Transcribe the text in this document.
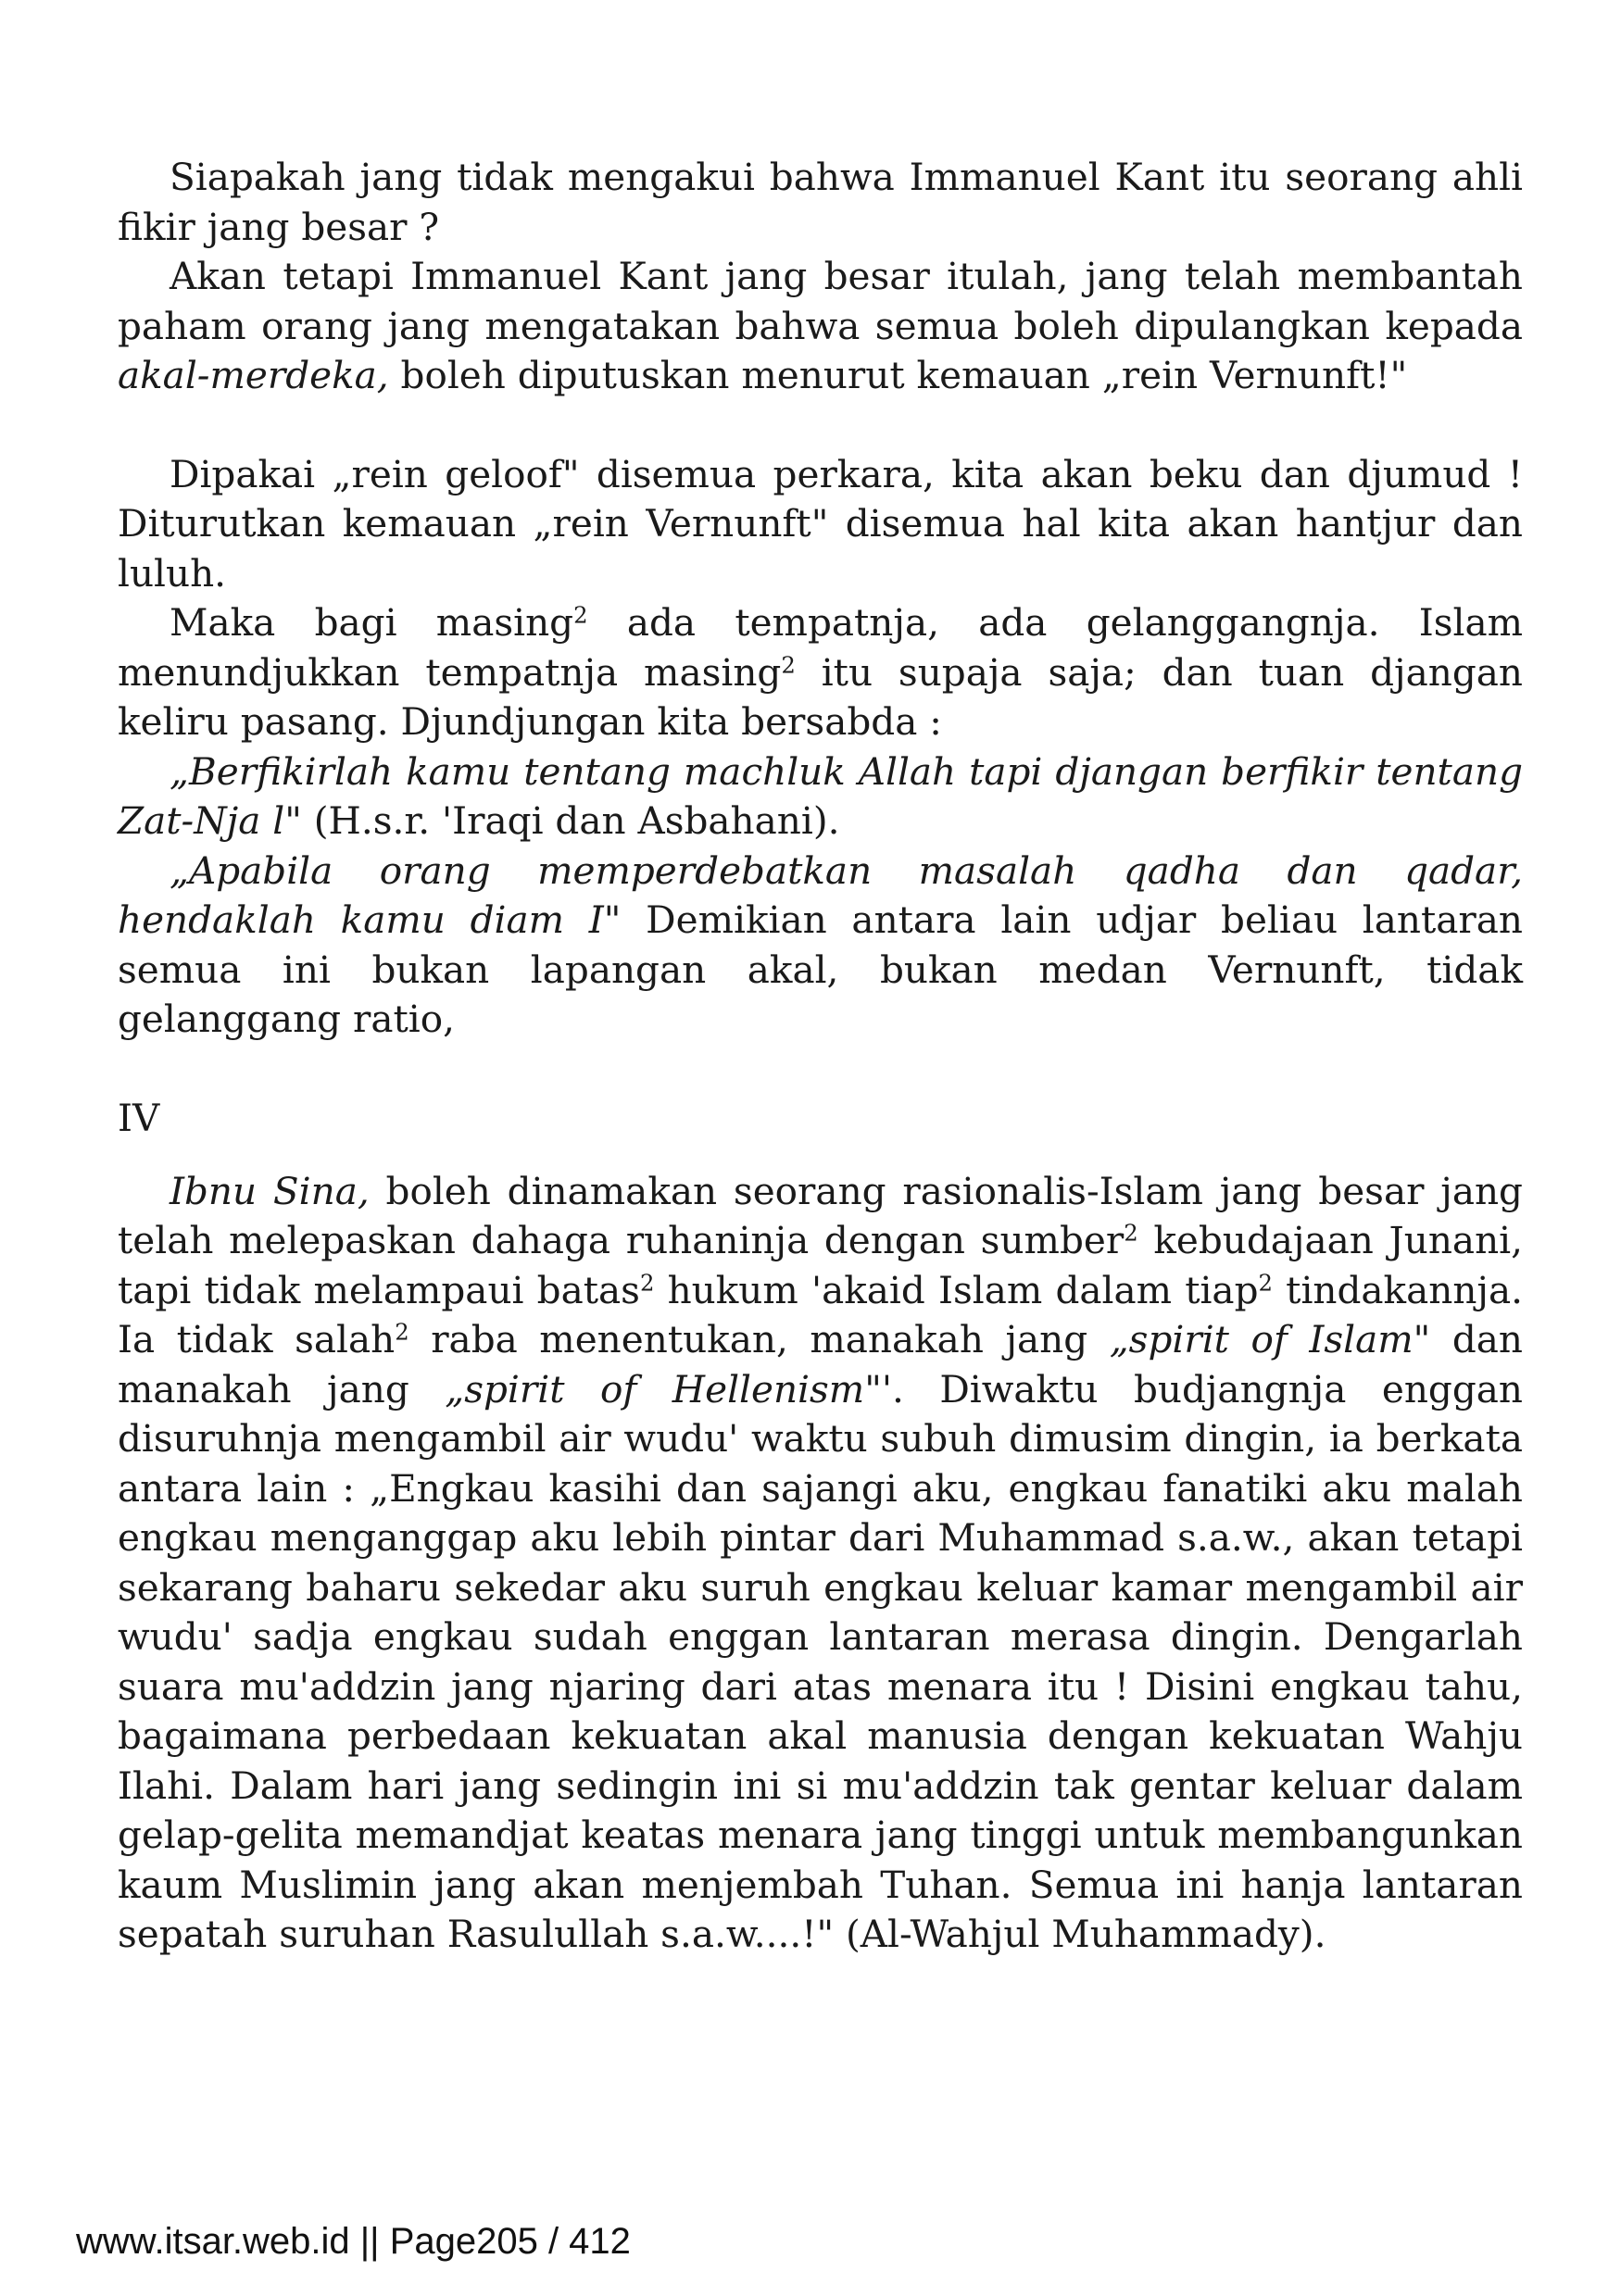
Siapakah jang tidak mengakui bahwa Immanuel Kant itu seorang ahli fikir jang besar ?

Akan tetapi Immanuel Kant jang besar itulah, jang telah membantah paham orang jang mengatakan bahwa semua boleh dipulangkan kepada akal-merdeka, boleh diputuskan menurut kemauan „rein Vernunft!"

Dipakai „rein geloof" disemua perkara, kita akan beku dan djumud ! Diturutkan kemauan „rein Vernunft" disemua hal kita akan hantjur dan luluh.

Maka bagi masing$^2$ ada tempatnja, ada gelanggangnja. Islam menundjukkan tempatnja masing$^2$ itu supaja saja; dan tuan djangan keliru pasang. Djundjungan kita bersabda :

„Berfikirlah kamu tentang machluk Allah tapi djangan berfikir tentang Zat-Nja l" (H.s.r. 'Iraqi dan Asbahani).

„Apabila orang memperdebatkan masalah qadha dan qadar, hendaklah kamu diam I" Demikian antara lain udjar beliau lantaran semua ini bukan lapangan akal, bukan medan Vernunft, tidak gelanggang ratio,

IV

Ibnu Sina, boleh dinamakan seorang rasionalis-Islam jang besar jang telah melepaskan dahaga ruhaninja dengan sumber$^2$ kebudajaan Junani, tapi tidak melampaui batas$^2$ hukum 'akaid Islam dalam tiap$^2$ tindakannja. Ia tidak salah$^2$ raba menentukan, manakah jang „spirit of Islam" dan manakah jang „spirit of Hellenism"'. Diwaktu budjangnja enggan disuruhnja mengambil air wudu' waktu subuh dimusim dingin, ia berkata antara lain : „Engkau kasihi dan sajangi aku, engkau fanatiki aku malah engkau menganggap aku lebih pintar dari Muhammad s.a.w., akan tetapi sekarang baharu sekedar aku suruh engkau keluar kamar mengambil air wudu' sadja engkau sudah enggan lantaran merasa dingin. Dengarlah suara mu'addzin jang njaring dari atas menara itu ! Disini engkau tahu, bagaimana perbedaan kekuatan akal manusia dengan kekuatan Wahju Ilahi. Dalam hari jang sedingin ini si mu'addzin tak gentar keluar dalam gelap-gelita memandjat keatas menara jang tinggi untuk membangunkan kaum Muslimin jang akan menjembah Tuhan. Semua ini hanja lantaran sepatah suruhan Rasulullah s.a.w....!" (Al-Wahjul Muhammady).

www.itsar.web.id || Page205 / 412
